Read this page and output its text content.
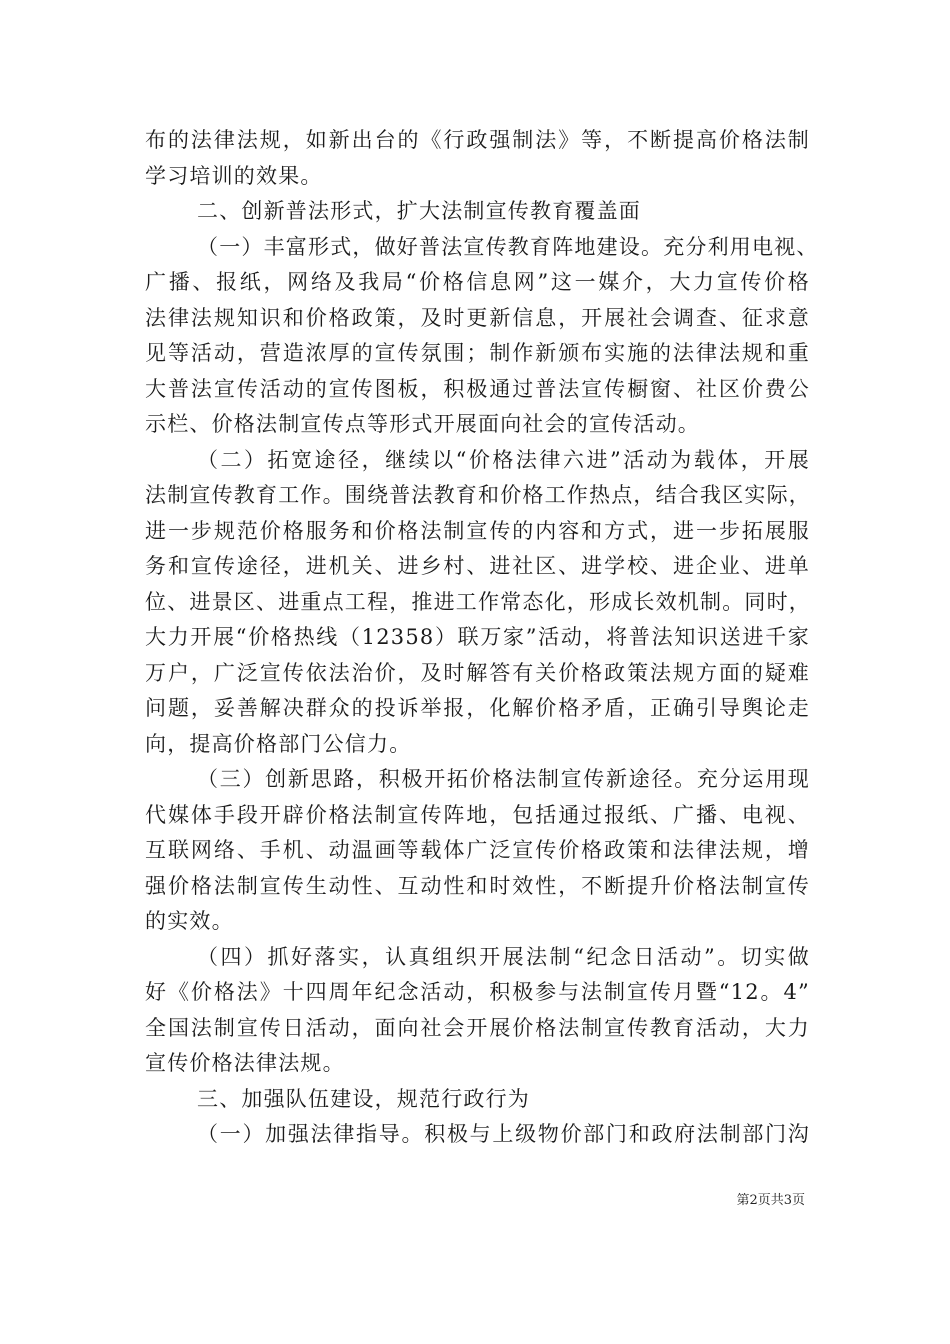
布的法律法规，如新出台的《行政强制法》等，不断提高价格法制
学习培训的效果。
二、创新普法形式，扩大法制宣传教育覆盖面
（一）丰富形式，做好普法宣传教育阵地建设。充分利用电视、
广播、报纸，网络及我局“价格信息网”这一媒介，大力宣传价格
法律法规知识和价格政策，及时更新信息，开展社会调查、征求意
见等活动，营造浓厚的宣传氛围；制作新颁布实施的法律法规和重
大普法宣传活动的宣传图板，积极通过普法宣传橱窗、社区价费公
示栏、价格法制宣传点等形式开展面向社会的宣传活动。
（二）拓宽途径，继续以“价格法律六进”活动为载体，开展
法制宣传教育工作。围绕普法教育和价格工作热点，结合我区实际，
进一步规范价格服务和价格法制宣传的内容和方式，进一步拓展服
务和宣传途径，进机关、进乡村、进社区、进学校、进企业、进单
位、进景区、进重点工程，推进工作常态化，形成长效机制。同时，
大力开展“价格热线（12358）联万家”活动，将普法知识送进千家
万户，广泛宣传依法治价，及时解答有关价格政策法规方面的疑难
问题，妥善解决群众的投诉举报，化解价格矛盾，正确引导舆论走
向，提高价格部门公信力。
（三）创新思路，积极开拓价格法制宣传新途径。充分运用现
代媒体手段开辟价格法制宣传阵地，包括通过报纸、广播、电视、
互联网络、手机、动温画等载体广泛宣传价格政策和法律法规，增
强价格法制宣传生动性、互动性和时效性，不断提升价格法制宣传
的实效。
（四）抓好落实，认真组织开展法制“纪念日活动”。切实做
好《价格法》十四周年纪念活动，积极参与法制宣传月暨“12。4”
全国法制宣传日活动，面向社会开展价格法制宣传教育活动，大力
宣传价格法律法规。
三、加强队伍建设，规范行政行为
（一）加强法律指导。积极与上级物价部门和政府法制部门沟
第2页共3页
